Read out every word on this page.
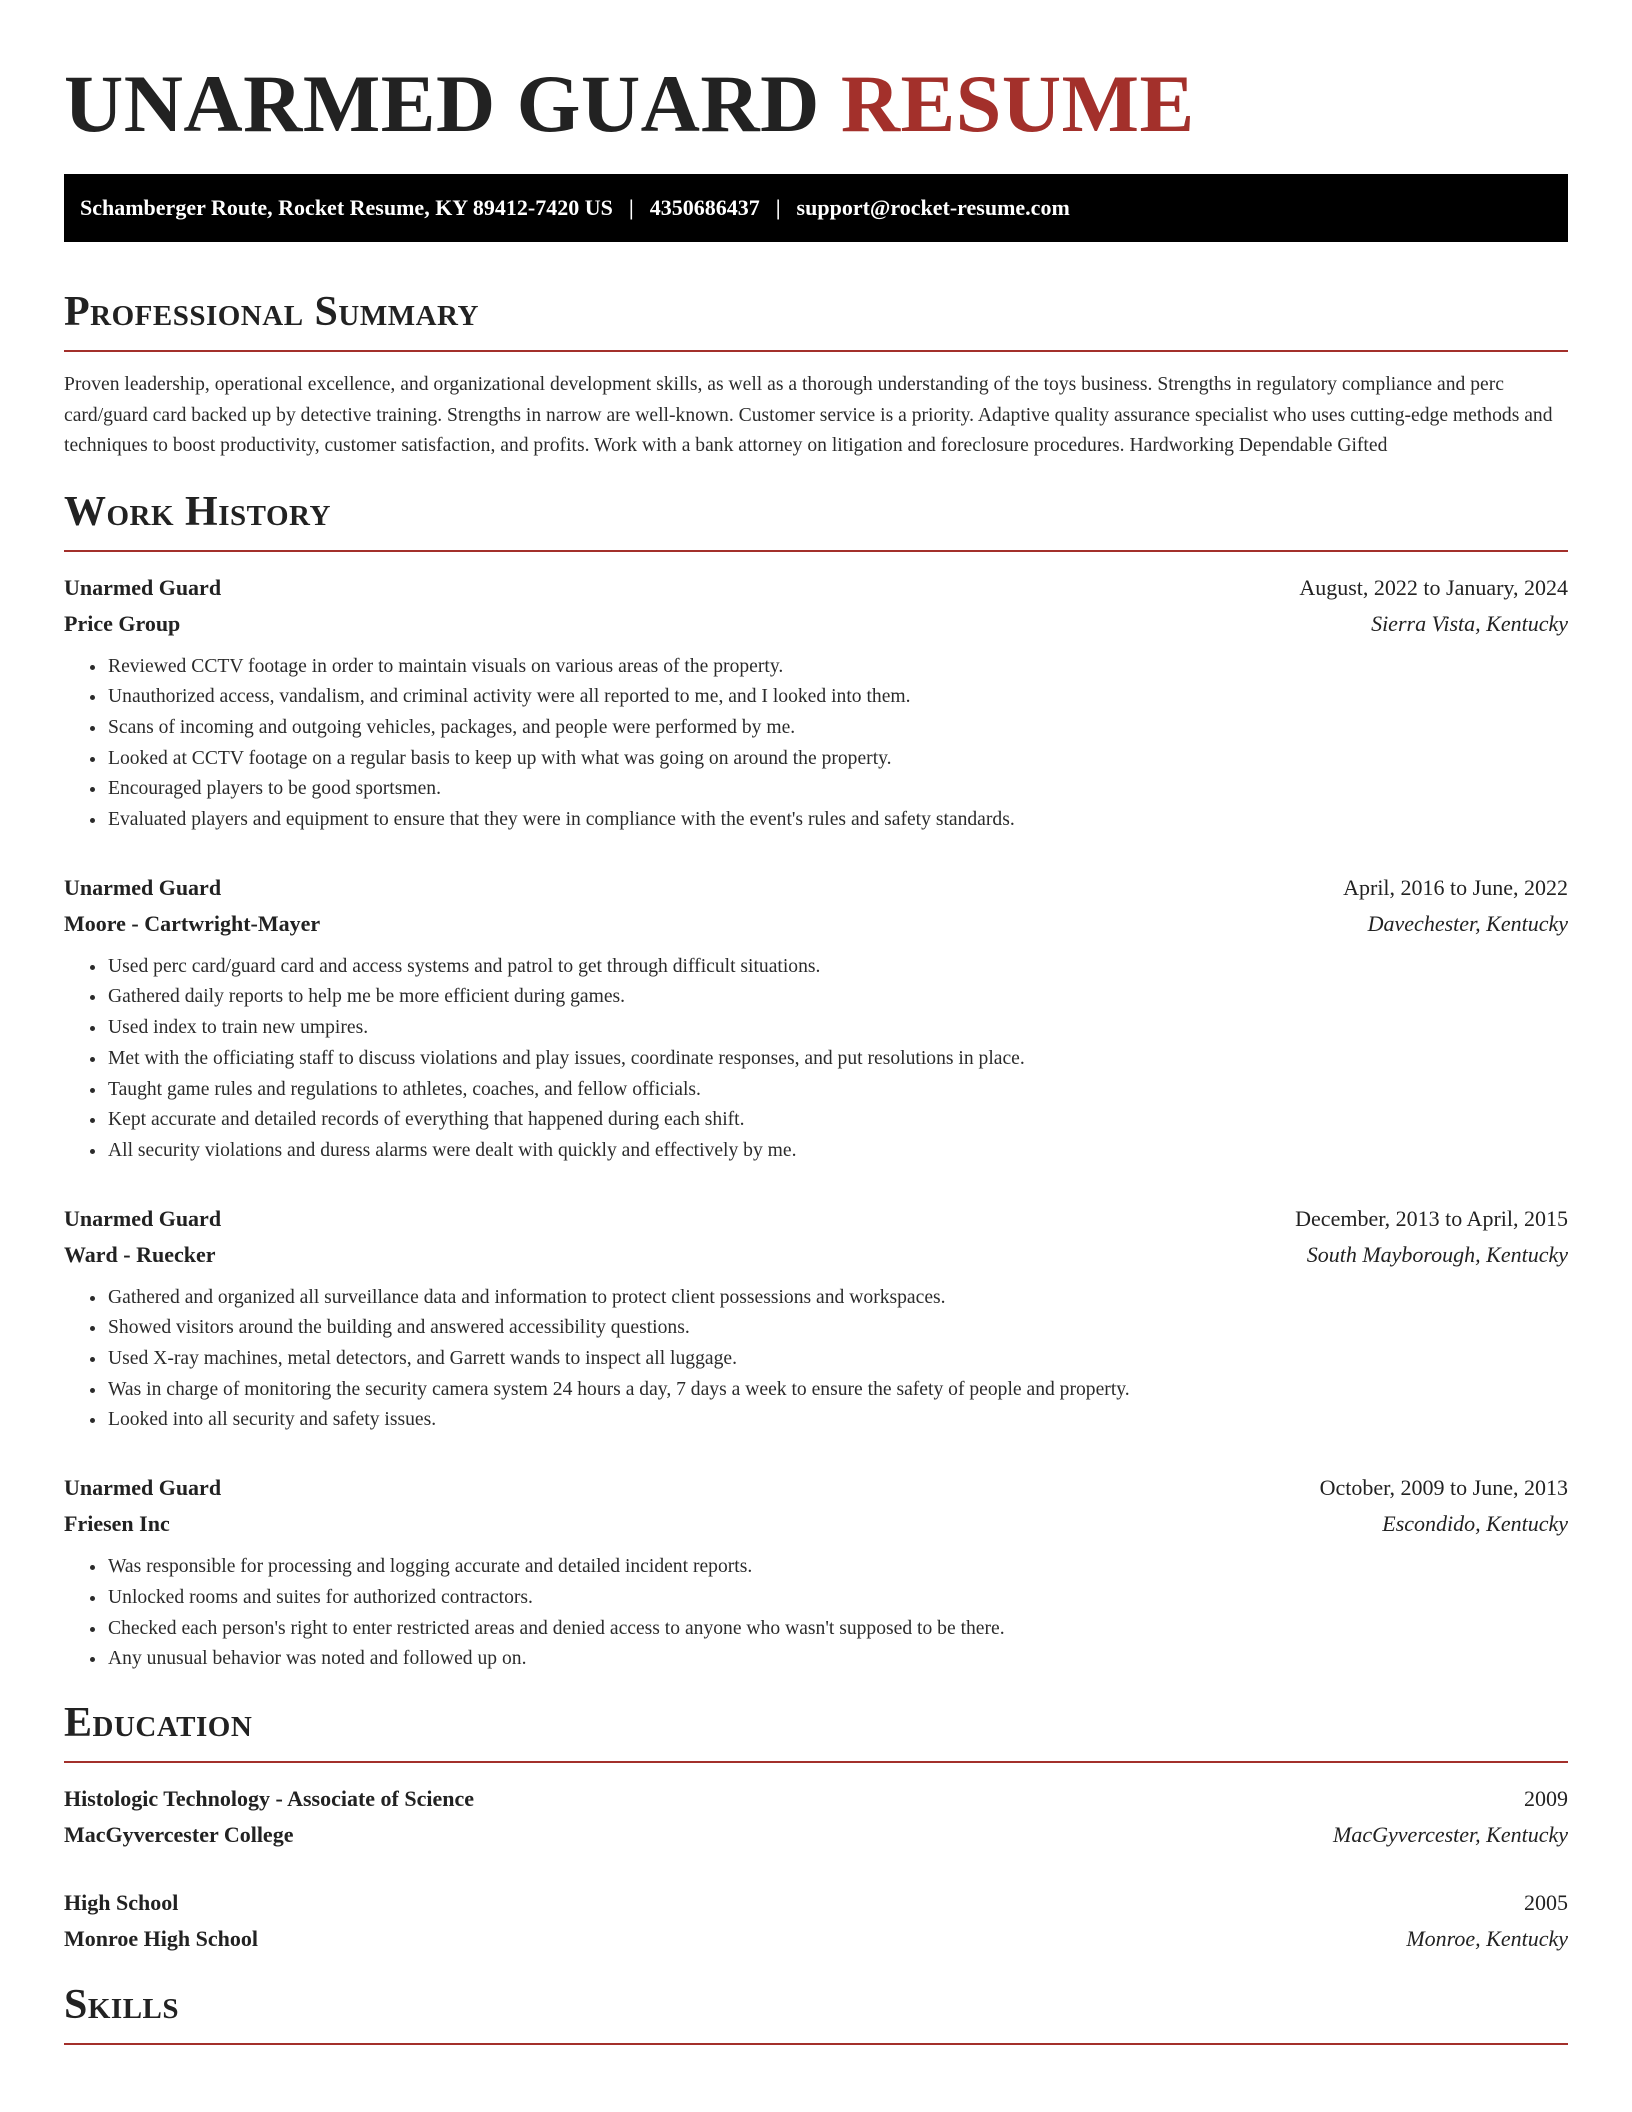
UNARMED GUARD RESUME
Schamberger Route, Rocket Resume, KY 89412-7420 US | 4350686437 | support@rocket-resume.com
Professional Summary

Proven leadership, operational excellence, and organizational development skills, as well as a thorough understanding of the toys business. Strengths in regulatory compliance and perc card/guard card backed up by detective training. Strengths in narrow are well-known. Customer service is a priority. Adaptive quality assurance specialist who uses cutting-edge methods and techniques to boost productivity, customer satisfaction, and profits. Work with a bank attorney on litigation and foreclosure procedures. Hardworking Dependable Gifted

Work History
Unarmed Guard	August, 2022 to January, 2024
Price Group	Sierra Vista, Kentucky
• Reviewed CCTV footage in order to maintain visuals on various areas of the property.
• Unauthorized access, vandalism, and criminal activity were all reported to me, and I looked into them.
• Scans of incoming and outgoing vehicles, packages, and people were performed by me.
• Looked at CCTV footage on a regular basis to keep up with what was going on around the property.
• Encouraged players to be good sportsmen.
• Evaluated players and equipment to ensure that they were in compliance with the event's rules and safety standards.
Unarmed Guard	April, 2016 to June, 2022
Moore - Cartwright-Mayer	Davechester, Kentucky
• Used perc card/guard card and access systems and patrol to get through difficult situations.
• Gathered daily reports to help me be more efficient during games.
• Used index to train new umpires.
• Met with the officiating staff to discuss violations and play issues, coordinate responses, and put resolutions in place.
• Taught game rules and regulations to athletes, coaches, and fellow officials.
• Kept accurate and detailed records of everything that happened during each shift.
• All security violations and duress alarms were dealt with quickly and effectively by me.
Unarmed Guard	December, 2013 to April, 2015
Ward - Ruecker	South Mayborough, Kentucky
• Gathered and organized all surveillance data and information to protect client possessions and workspaces.
• Showed visitors around the building and answered accessibility questions.
• Used X-ray machines, metal detectors, and Garrett wands to inspect all luggage.
• Was in charge of monitoring the security camera system 24 hours a day, 7 days a week to ensure the safety of people and property.
• Looked into all security and safety issues.
Unarmed Guard	October, 2009 to June, 2013
Friesen Inc	Escondido, Kentucky
• Was responsible for processing and logging accurate and detailed incident reports.
• Unlocked rooms and suites for authorized contractors.
• Checked each person's right to enter restricted areas and denied access to anyone who wasn't supposed to be there.
• Any unusual behavior was noted and followed up on.
Education
Histologic Technology - Associate of Science	2009
MacGyvercester College	MacGyvercester, Kentucky
High School	2005
Monroe High School	Monroe, Kentucky
Skills
